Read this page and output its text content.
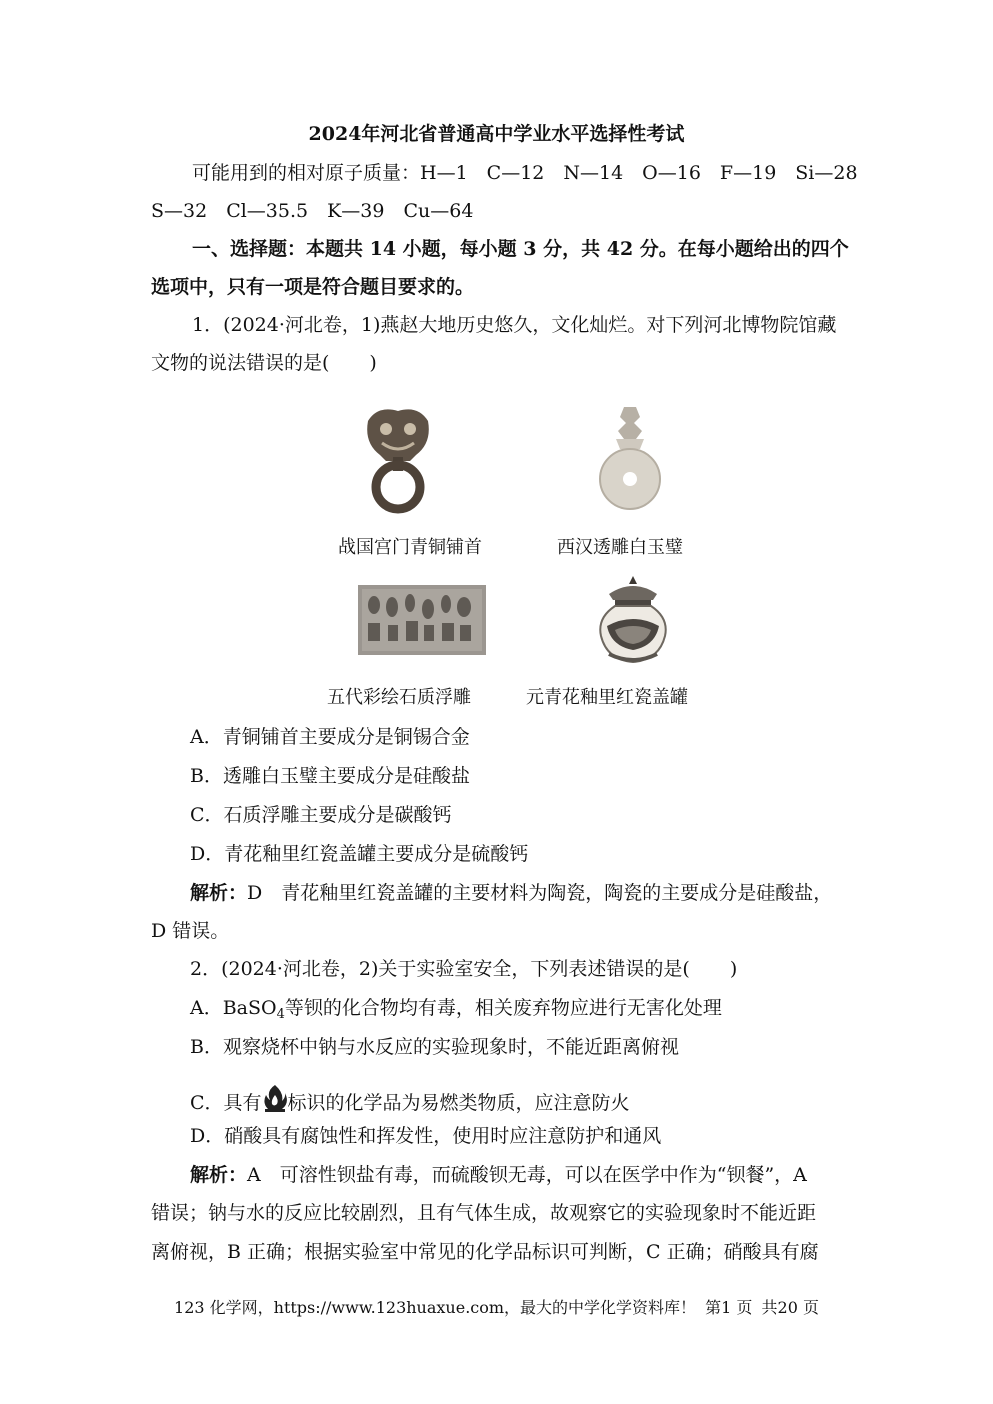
2024年河北省普通高中学业水平选择性考试
可能用到的相对原子质量：H—1　C—12　N—14　O—16　F—19　Si—28
S—32　Cl—35.5　K—39　Cu—64
一、选择题：本题共 14 小题，每小题 3 分，共 42 分。在每小题给出的四个
选项中，只有一项是符合题目要求的。
1．(2024·河北卷，1)燕赵大地历史悠久，文化灿烂。对下列河北博物院馆藏
文物的说法错误的是( )
战国宫门青铜铺首	西汉透雕白玉璧
五代彩绘石质浮雕	元青花釉里红瓷盖罐
A．青铜铺首主要成分是铜锡合金
B．透雕白玉璧主要成分是硅酸盐
C．石质浮雕主要成分是碳酸钙
D．青花釉里红瓷盖罐主要成分是硫酸钙
解析：D　青花釉里红瓷盖罐的主要材料为陶瓷，陶瓷的主要成分是硅酸盐，
D 错误。
2．(2024·河北卷，2)关于实验室安全，下列表述错误的是( )
A．BaSO$_4$等钡的化合物均有毒，相关废弃物应进行无害化处理
B．观察烧杯中钠与水反应的实验现象时，不能近距离俯视
C．具有 标识的化学品为易燃类物质，应注意防火
D．硝酸具有腐蚀性和挥发性，使用时应注意防护和通风
解析：A　可溶性钡盐有毒，而硫酸钡无毒，可以在医学中作为“钡餐”，A
错误；钠与水的反应比较剧烈，且有气体生成，故观察它的实验现象时不能近距
离俯视，B 正确；根据实验室中常见的化学品标识可判断，C 正确；硝酸具有腐
123 化学网，https://www.123huaxue.com，最大的中学化学资料库！ 第1 页 共20 页
